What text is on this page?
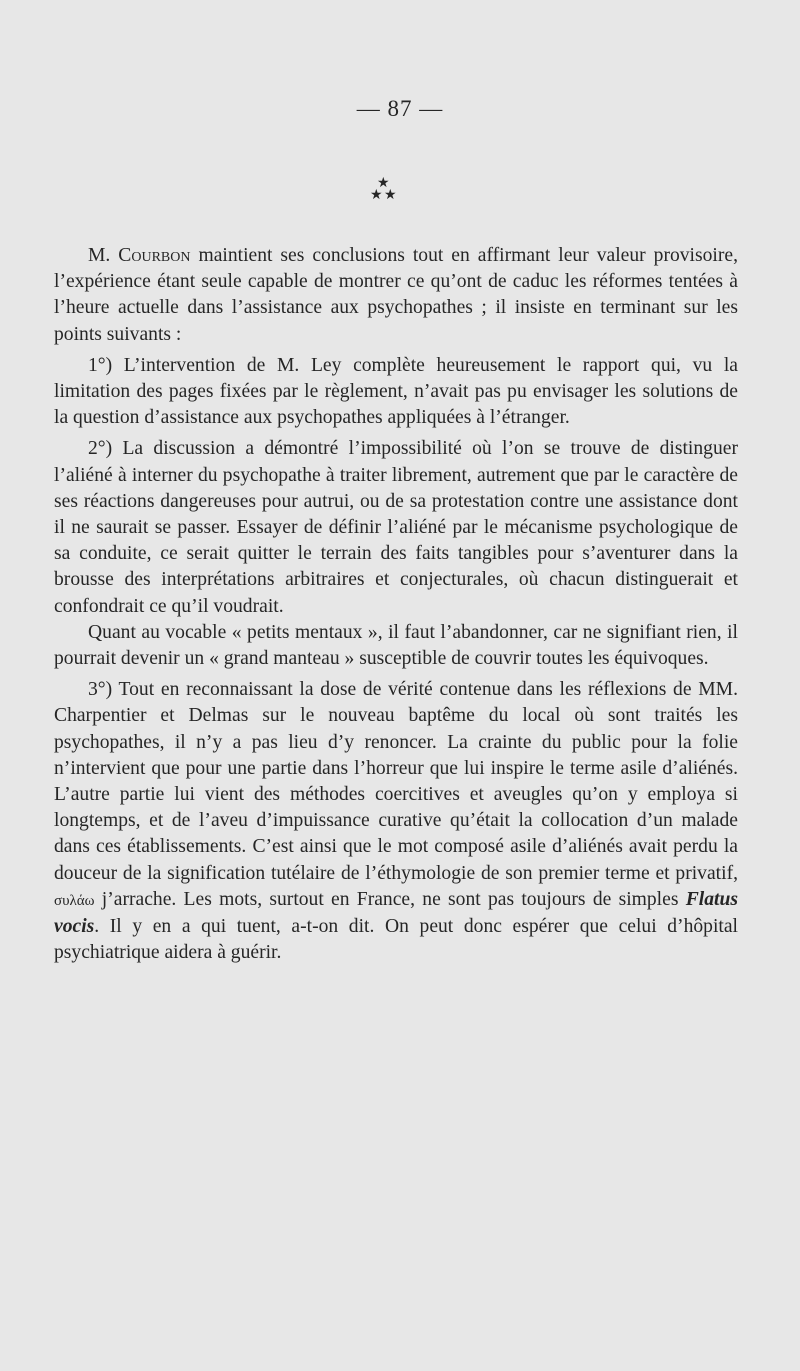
— 87 —
★
★ ★

M. Courbon maintient ses conclusions tout en affirmant leur valeur provisoire, l’expérience étant seule capable de montrer ce qu’ont de caduc les réformes tentées à l’heure actuelle dans l’assistance aux psychopathes ; il insiste en terminant sur les points suivants :

1°) L’intervention de M. Ley complète heureusement le rapport qui, vu la limitation des pages fixées par le règlement, n’avait pas pu envisager les solutions de la question d’assistance aux psychopathes appliquées à l’étranger.

2°) La discussion a démontré l’impossibilité où l’on se trouve de distinguer l’aliéné à interner du psychopathe à traiter librement, autrement que par le caractère de ses réactions dangereuses pour autrui, ou de sa protestation contre une assistance dont il ne saurait se passer. Essayer de définir l’aliéné par le mécanisme psychologique de sa conduite, ce serait quitter le terrain des faits tangibles pour s’aventurer dans la brousse des interprétations arbitraires et conjecturales, où chacun distinguerait et confondrait ce qu’il voudrait.

Quant au vocable « petits mentaux », il faut l’abandonner, car ne signifiant rien, il pourrait devenir un « grand manteau » susceptible de couvrir toutes les équivoques.

3°) Tout en reconnaissant la dose de vérité contenue dans les réflexions de MM. Charpentier et Delmas sur le nouveau baptême du local où sont traités les psychopathes, il n’y a pas lieu d’y renoncer. La crainte du public pour la folie n’intervient que pour une partie dans l’horreur que lui inspire le terme asile d’aliénés. L’autre partie lui vient des méthodes coercitives et aveugles qu’on y employa si longtemps, et de l’aveu d’impuissance curative qu’était la collocation d’un malade dans ces établissements. C’est ainsi que le mot composé asile d’aliénés avait perdu la douceur de la signification tutélaire de l’éthymologie de son premier terme et privatif, συλάω j’arrache. Les mots, surtout en France, ne sont pas toujours de simples Flatus vocis. Il y en a qui tuent, a-t-on dit. On peut donc espérer que celui d’hôpital psychiatrique aidera à guérir.
